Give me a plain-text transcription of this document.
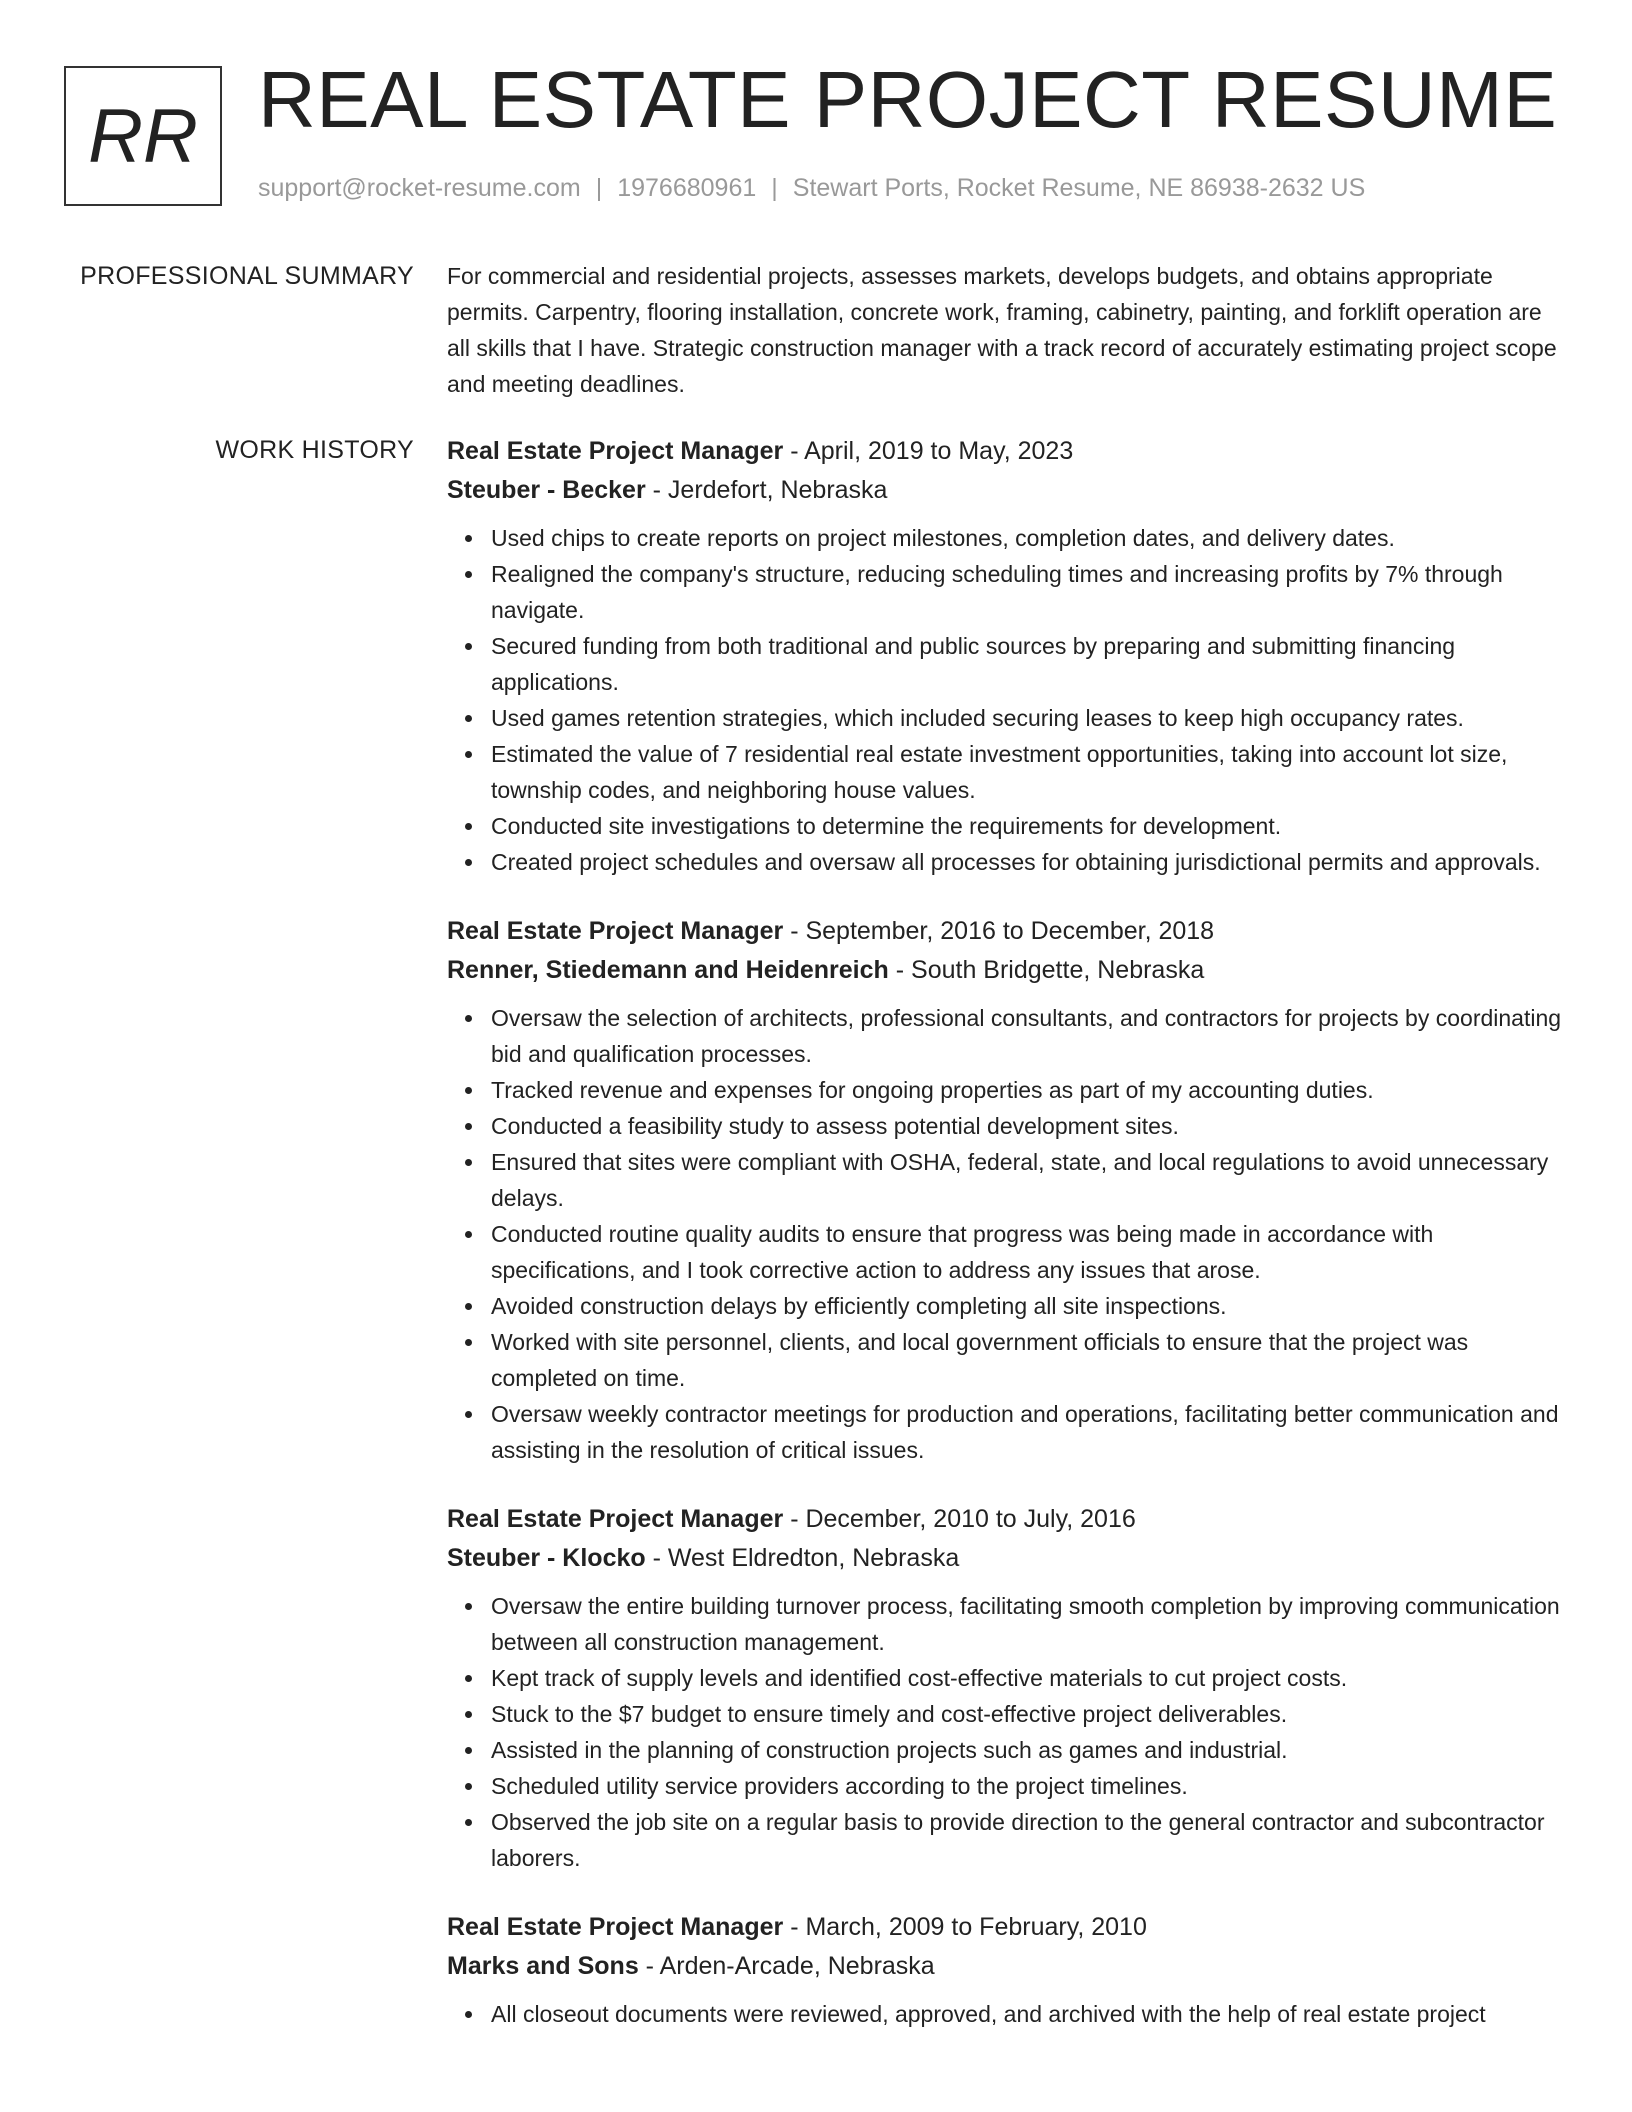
RR REAL ESTATE PROJECT RESUME
support@rocket-resume.com | 1976680961 | Stewart Ports, Rocket Resume, NE 86938-2632 US
PROFESSIONAL SUMMARY For commercial and residential projects, assesses markets, develops budgets, and obtains appropriate permits. Carpentry, flooring installation, concrete work, framing, cabinetry, painting, and forklift operation are all skills that I have. Strategic construction manager with a track record of accurately estimating project scope and meeting deadlines.
WORK HISTORY Real Estate Project Manager - April, 2019 to May, 2023
Steuber - Becker - Jerdefort, Nebraska
Used chips to create reports on project milestones, completion dates, and delivery dates.
Realigned the company's structure, reducing scheduling times and increasing profits by 7% through navigate.
Secured funding from both traditional and public sources by preparing and submitting financing applications.
Used games retention strategies, which included securing leases to keep high occupancy rates.
Estimated the value of 7 residential real estate investment opportunities, taking into account lot size, township codes, and neighboring house values.
Conducted site investigations to determine the requirements for development.
Created project schedules and oversaw all processes for obtaining jurisdictional permits and approvals.
Real Estate Project Manager - September, 2016 to December, 2018
Renner, Stiedemann and Heidenreich - South Bridgette, Nebraska
Oversaw the selection of architects, professional consultants, and contractors for projects by coordinating bid and qualification processes.
Tracked revenue and expenses for ongoing properties as part of my accounting duties.
Conducted a feasibility study to assess potential development sites.
Ensured that sites were compliant with OSHA, federal, state, and local regulations to avoid unnecessary delays.
Conducted routine quality audits to ensure that progress was being made in accordance with specifications, and I took corrective action to address any issues that arose.
Avoided construction delays by efficiently completing all site inspections.
Worked with site personnel, clients, and local government officials to ensure that the project was completed on time.
Oversaw weekly contractor meetings for production and operations, facilitating better communication and assisting in the resolution of critical issues.
Real Estate Project Manager - December, 2010 to July, 2016
Steuber - Klocko - West Eldredton, Nebraska
Oversaw the entire building turnover process, facilitating smooth completion by improving communication between all construction management.
Kept track of supply levels and identified cost-effective materials to cut project costs.
Stuck to the $7 budget to ensure timely and cost-effective project deliverables.
Assisted in the planning of construction projects such as games and industrial.
Scheduled utility service providers according to the project timelines.
Observed the job site on a regular basis to provide direction to the general contractor and subcontractor laborers.
Real Estate Project Manager - March, 2009 to February, 2010
Marks and Sons - Arden-Arcade, Nebraska
All closeout documents were reviewed, approved, and archived with the help of real estate project
